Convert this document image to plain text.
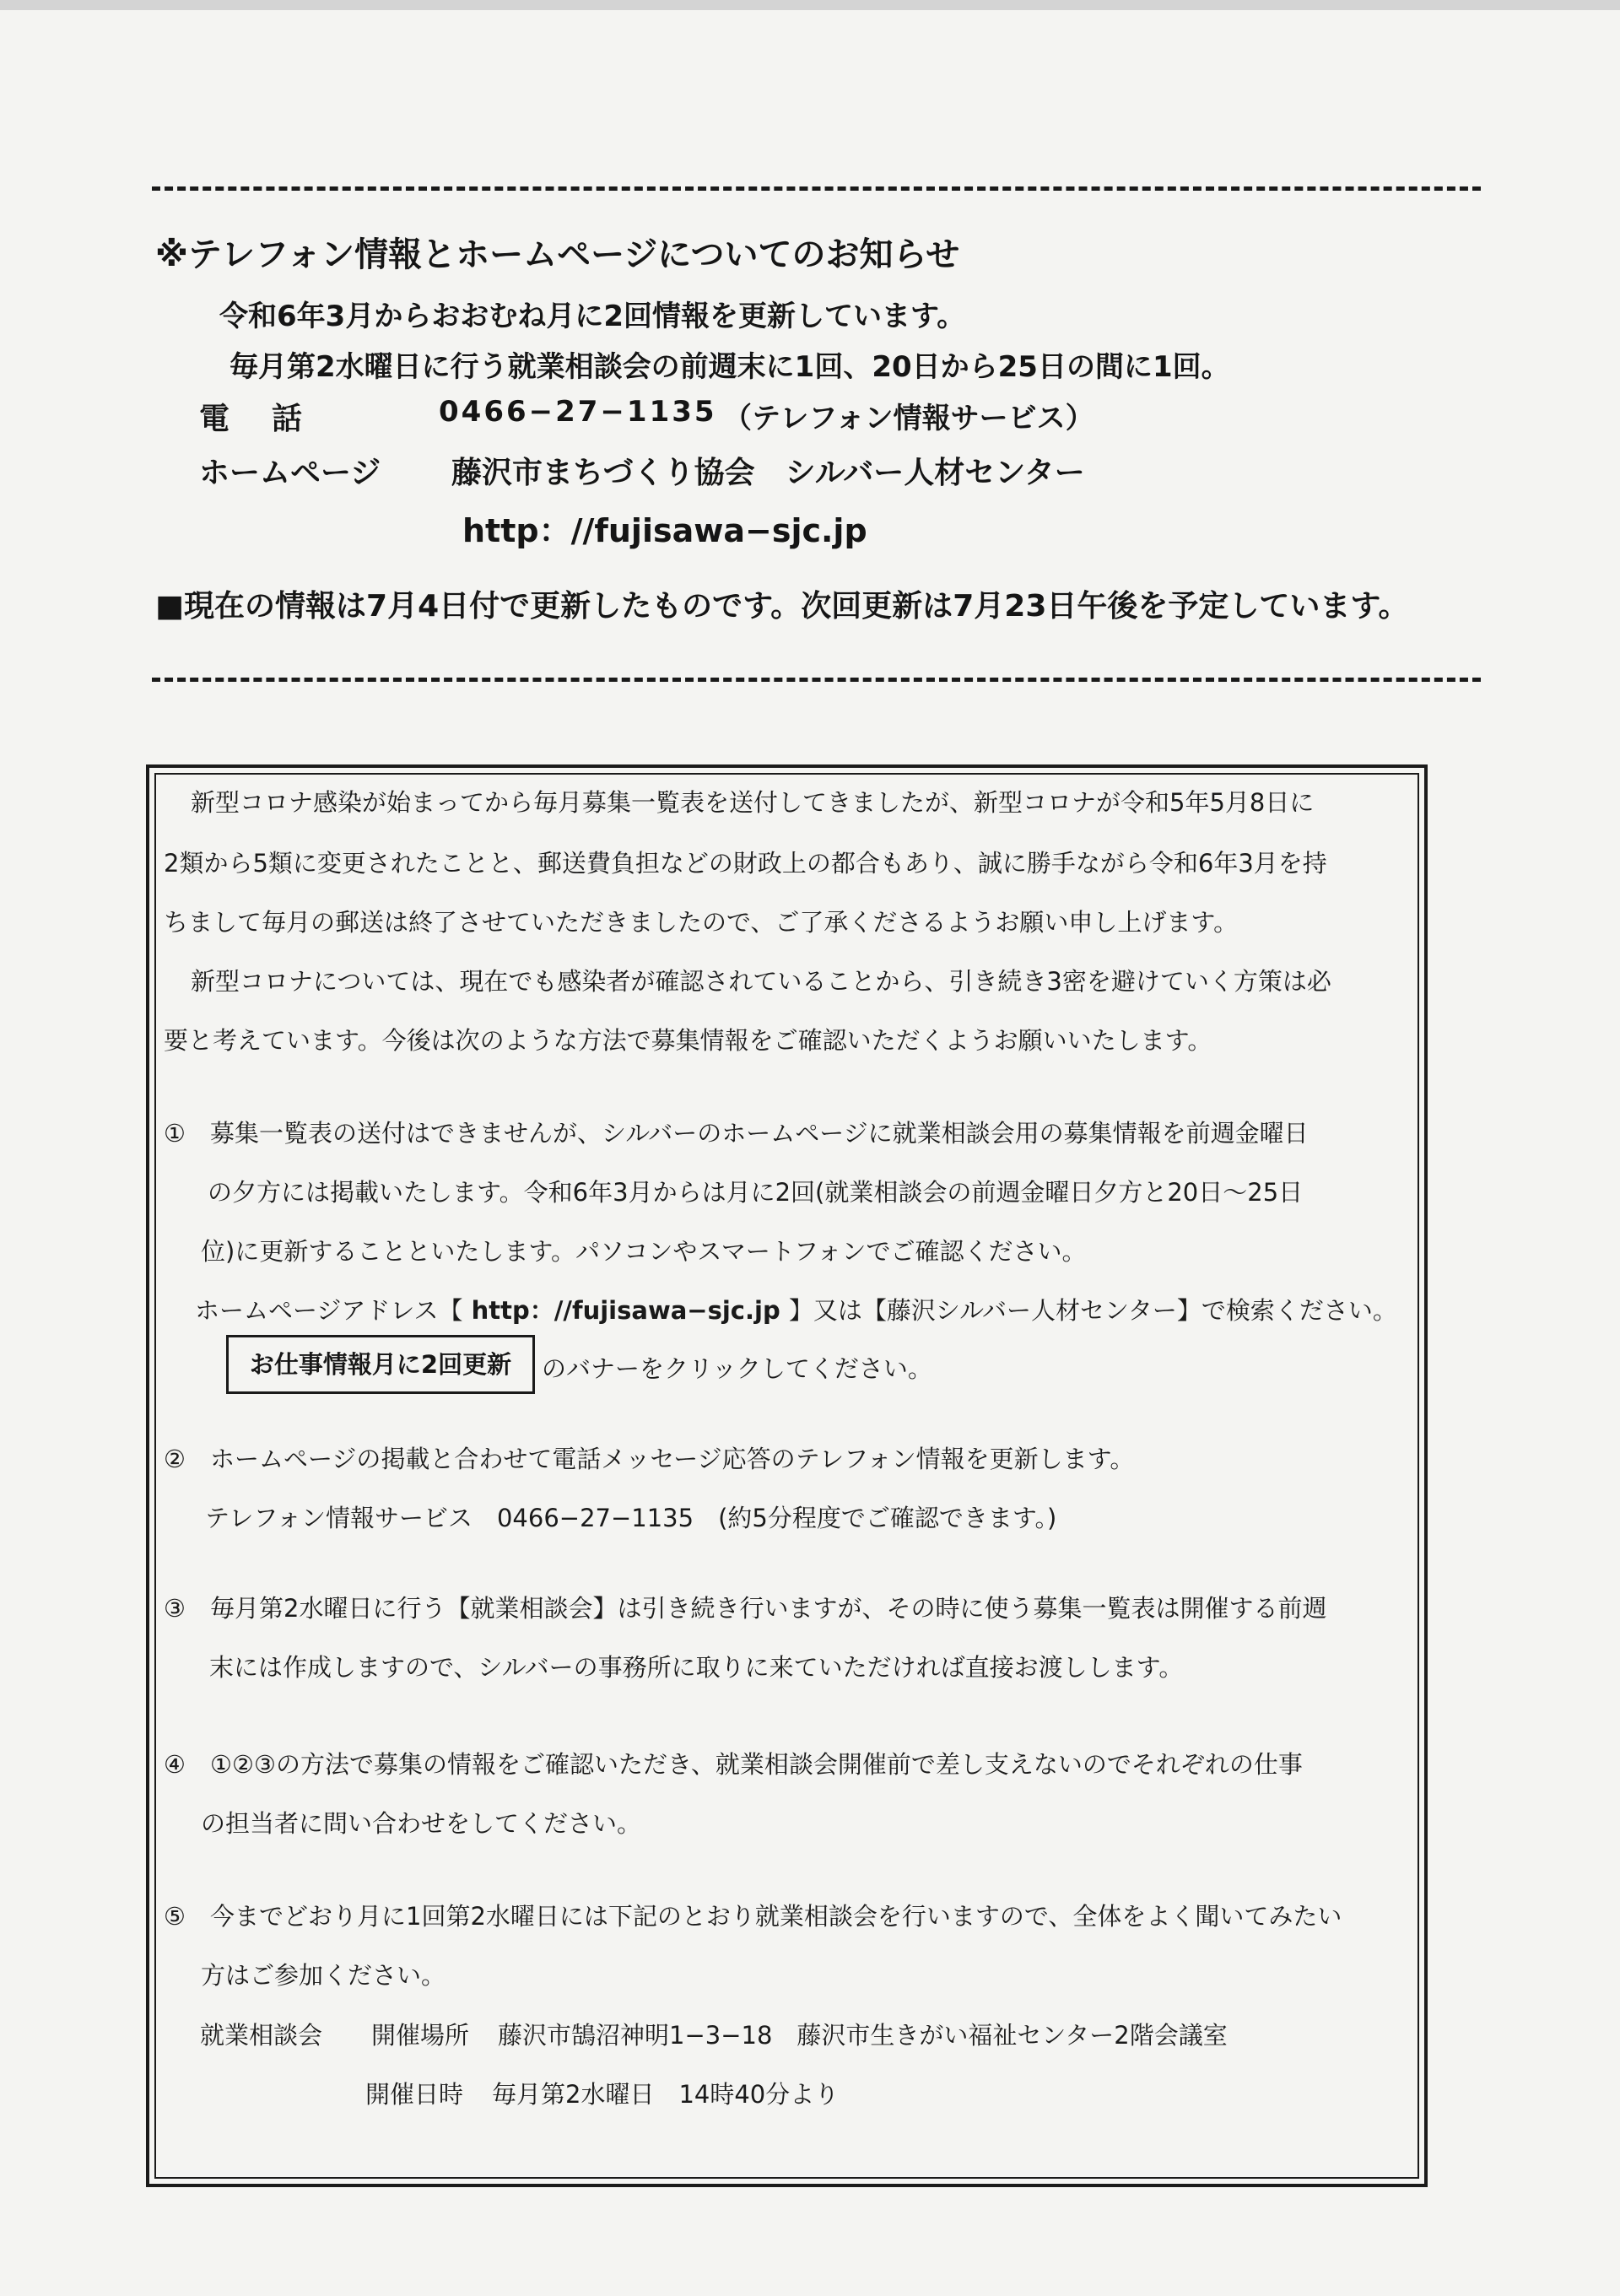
※テレフォン情報とホームページについてのお知らせ
令和6年3月からおおむね月に2回情報を更新しています。
毎月第2水曜日に行う就業相談会の前週末に1回、20日から25日の間に1回。
電話	0466−27−1135 （テレフォン情報サービス）
ホームページ 藤沢市まちづくり協会　シルバー人材センター
http：//fujisawa−sjc.jp
■現在の情報は7月4日付で更新したものです。次回更新は7月23日午後を予定しています。
新型コロナ感染が始まってから毎月募集一覧表を送付してきましたが、新型コロナが令和5年5月8日に
2類から5類に変更されたことと、郵送費負担などの財政上の都合もあり、誠に勝手ながら令和6年3月を持
ちまして毎月の郵送は終了させていただきましたので、ご了承くださるようお願い申し上げます。
新型コロナについては、現在でも感染者が確認されていることから、引き続き3密を避けていく方策は必
要と考えています。今後は次のような方法で募集情報をご確認いただくようお願いいたします。
①　募集一覧表の送付はできませんが、シルバーのホームページに就業相談会用の募集情報を前週金曜日
の夕方には掲載いたします。令和6年3月からは月に2回(就業相談会の前週金曜日夕方と20日～25日
位)に更新することといたします。パソコンやスマートフォンでご確認ください。
ホームページアドレス【 http：//fujisawa−sjc.jp 】又は【藤沢シルバー人材センター】で検索ください。
お仕事情報月に2回更新	のバナーをクリックしてください。
②　ホームページの掲載と合わせて電話メッセージ応答のテレフォン情報を更新します。
テレフォン情報サービス　0466−27−1135　(約5分程度でご確認できます。)
③　毎月第2水曜日に行う【就業相談会】は引き続き行いますが、その時に使う募集一覧表は開催する前週
末には作成しますので、シルバーの事務所に取りに来ていただければ直接お渡しします。
④　①②③の方法で募集の情報をご確認いただき、就業相談会開催前で差し支えないのでそれぞれの仕事
の担当者に問い合わせをしてください。
⑤　今までどおり月に1回第2水曜日には下記のとおり就業相談会を行いますので、全体をよく聞いてみたい
方はご参加ください。
就業相談会 開催場所 藤沢市鵠沼神明1−3−18　藤沢市生きがい福祉センター2階会議室
開催日時 毎月第2水曜日　14時40分より
